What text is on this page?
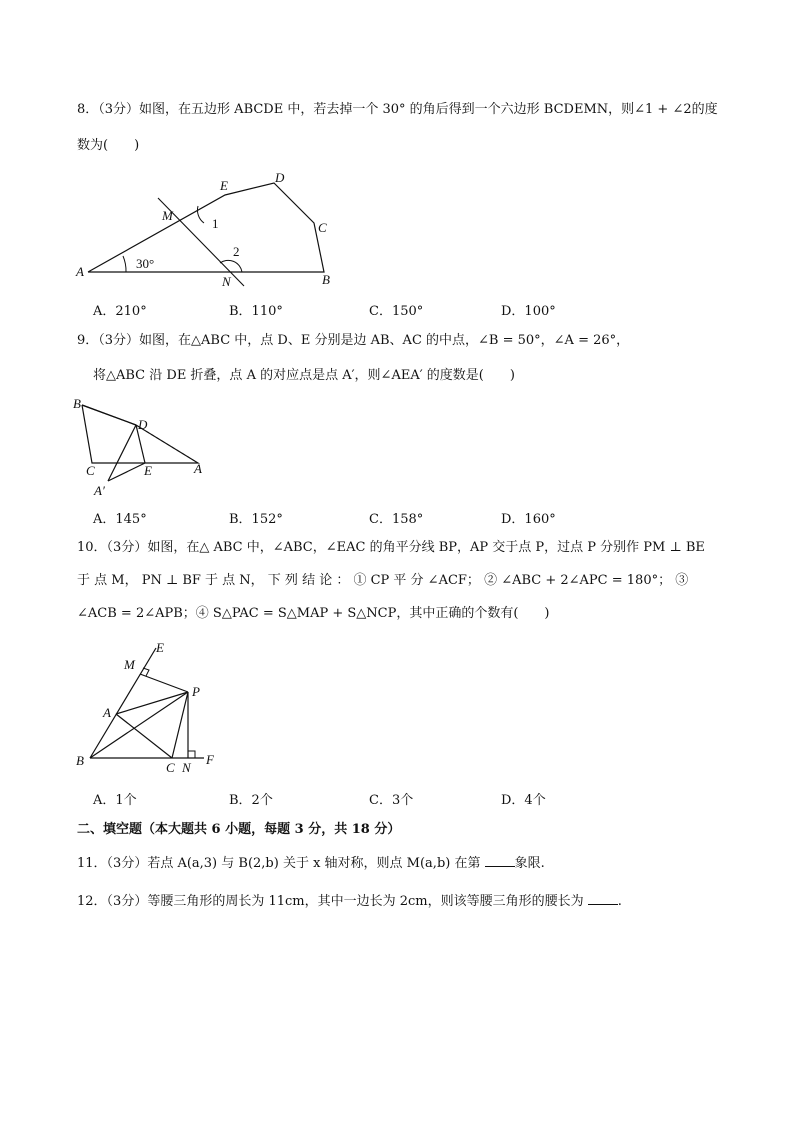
8．（3分）如图，在五边形 ABCDE 中，若去掉一个 30° 的角后得到一个六边形 BCDEMN，则∠1 + ∠2的度
数为(　　)
A
B
C
D
E
M
N
1
2
30°
A．210°	B．110°	C．150°	D．100°
9．（3分）如图，在△ABC 中，点 D、E 分别是边 AB、AC 的中点，∠B = 50°，∠A = 26°，
将△ABC 沿 DE 折叠，点 A 的对应点是点 A′，则∠AEA′ 的度数是(　　)
B
D
A
C	E
A′
A．145°	B．152°	C．158°	D．160°
10．（3分）如图，在△ ABC 中，∠ABC，∠EAC 的角平分线 BP，AP 交于点 P，过点 P 分别作 PM ⊥ BE
于 点 M， PN ⊥ BF 于 点 N， 下 列 结 论 ： ① CP 平 分 ∠ACF； ② ∠ABC + 2∠APC = 180°； ③
∠ACB = 2∠APB；④ S△PAC = S△MAP + S△NCP，其中正确的个数有(　　)
M
E
P
A
B	C N
F
A．1个	B．2个	C．3个	D．4个
二、填空题（本大题共 6 小题，每题 3 分，共 18 分）
11．（3分）若点 A(a,3) 与 B(2,b) 关于 x 轴对称，则点 M(a,b) 在第 象限.
12．（3分）等腰三角形的周长为 11cm，其中一边长为 2cm，则该等腰三角形的腰长为 .
